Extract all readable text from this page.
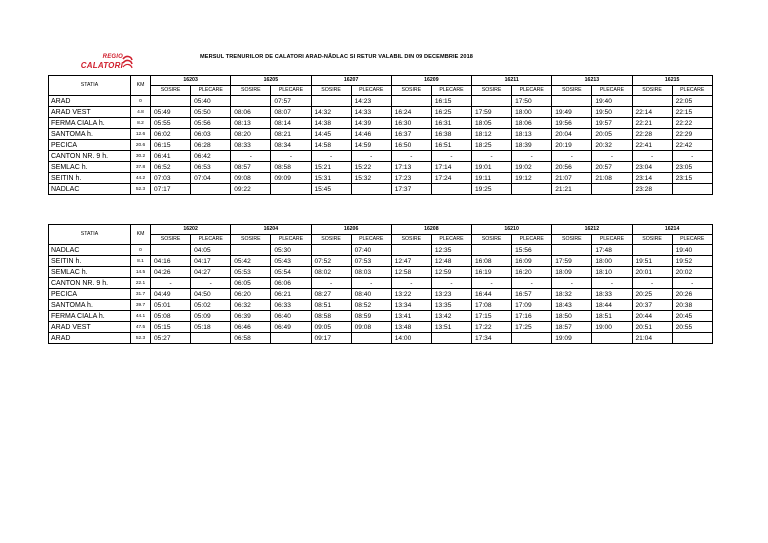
REGIO
CALATORI
MERSUL TRENURILOR DE CALATORI ARAD-NĂDLAC SI RETUR VALABIL DIN 09 DECEMBRIE 2018
STATIA	KM	16203		16205		16207		16209		16211		16213		16215	
		SOSIRE	PLECARE	SOSIRE	PLECARE	SOSIRE	PLECARE	SOSIRE	PLECARE	SOSIRE	PLECARE	SOSIRE	PLECARE	SOSIRE	PLECARE
ARAD	0		05:40		07:57		14:23		16:15		17:50		19:40		22:05
ARAD VEST	4.8	05:49	05:50	08:06	08:07	14:32	14:33	16:24	16:25	17:59	18:00	19:49	19:50	22:14	22:15
FERMA CIALA h.	8.2	05:55	05:56	08:13	08:14	14:38	14:39	16:30	16:31	18:05	18:06	19:56	19:57	22:21	22:22
SANTOMA h.	12.6	06:02	06:03	08:20	08:21	14:45	14:46	16:37	16:38	18:12	18:13	20:04	20:05	22:28	22:29
PECICA	20.6	06:15	06:28	08:33	08:34	14:58	14:59	16:50	16:51	18:25	18:39	20:19	20:32	22:41	22:42
CANTON NR. 9 h.	30.2	06:41	06:42	-	-	-	-	-	-	-	-	-	-	-	-
SEMLAC h.	37.8	06:52	06:53	08:57	08:58	15:21	15:22	17:13	17:14	19:01	19:02	20:56	20:57	23:04	23:05
SEITIN h.	44.2	07:03	07:04	09:08	09:09	15:31	15:32	17:23	17:24	19:11	19:12	21:07	21:08	23:14	23:15
NADLAC	52.3	07:17		09:22		15:45		17:37		19:25		21:21		23:28	
STATIA	KM	16202		16204		16206		16208		16210		16212		16214	
		SOSIRE	PLECARE	SOSIRE	PLECARE	SOSIRE	PLECARE	SOSIRE	PLECARE	SOSIRE	PLECARE	SOSIRE	PLECARE	SOSIRE	PLECARE
NADLAC	0		04:05		05:30		07:40		12:35		15:56		17:48		19:40
SEITIN h.	8.1	04:16	04:17	05:42	05:43	07:52	07:53	12:47	12:48	16:08	16:09	17:59	18:00	19:51	19:52
SEMLAC h.	14.5	04:26	04:27	05:53	05:54	08:02	08:03	12:58	12:59	16:19	16:20	18:09	18:10	20:01	20:02
CANTON NR. 9 h.	22.1	-	-	06:05	06:06	-	-	-	-	-	-	-	-	-	-
PECICA	31.7	04:49	04:50	06:20	06:21	08:27	08:40	13:22	13:23	16:44	16:57	18:32	18:33	20:25	20:26
SANTOMA h.	39.7	05:01	05:02	06:32	06:33	08:51	08:52	13:34	13:35	17:08	17:09	18:43	18:44	20:37	20:38
FERMA CIALA h.	44.1	05:08	05:09	06:39	06:40	08:58	08:59	13:41	13:42	17:15	17:16	18:50	18:51	20:44	20:45
ARAD VEST	47.5	05:15	05:18	06:46	06:49	09:05	09:08	13:48	13:51	17:22	17:25	18:57	19:00	20:51	20:55
ARAD	52.3	05:27		06:58		09:17		14:00		17:34		19:09		21:04	
